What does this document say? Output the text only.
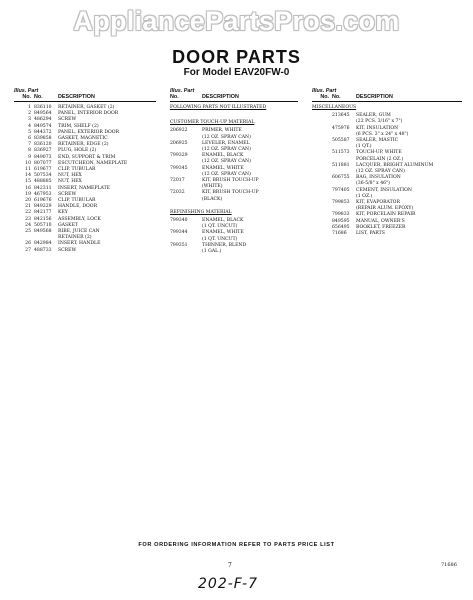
AppliancePartsPros.com
DOOR PARTS
For Model EAV20FW-0
Illus. Part
No. No.	DESCRIPTION
1 836110	RETAINER, GASKET (2)
2 849564	PANEL, INTERIOR DOOR
3 486294	SCREW
4 849574	TRIM, SHELF (2)
5 844372	PANEL, EXTERIOR DOOR
6 839858	GASKET, MAGNETIC
7 836120	RETAINER, EDGE (2)
8 836927	PLUG, HOLE (2)
9 849073	END, SUPPORT & TRIM
10 807077	ESCUTCHEON, NAMEPLATE
11 619677	CLIP, TUBULAR
14 507534	NUT, HEX
15 488885	NUT, HEX
16 842311	INSERT, NAMEPLATE
19 467953	SCREW
20 619676	CLIP, TUBULAR
21 849229	HANDLE, DOOR
22 842177	KEY
23 842156	ASSEMBLY, LOCK
24 505710	GASKET
25 849568	RIBE, JUICE CAN
RETAINER (2)
26 842984	INSERT, HANDLE
27 488733	SCREW
Illus. Part
No.	DESCRIPTION
FOLLOWING PARTS NOT ILLUSTRATED
CUSTOMER TOUCH-UP MATERIAL
206922	PRIMER, WHITE
(12 OZ. SPRAY CAN)
206925	LEVELER, ENAMEL
(12 OZ. SPRAY CAN)
799329	ENAMEL, BLACK
(12 OZ. SPRAY CAN)
799345	ENAMEL, WHITE
(12 OZ. SPRAY CAN)
72017	KIT, BRUSH TOUCH-UP
(WHITE)
72032	KIT, BRUSH TOUCH-UP
(BLACK)
REFINISHING MATERIAL
799340	ENAMEL, BLACK
(1 QT. UNCUT)
799344	ENAMEL, WHITE
(1 QT. UNCUT)
799351	THINNER, BLEND
(1 GAL.)
Illus. Part
No. No.	DESCRIPTION
MISCELLANEOUS
213645	SEALER, GUM
(22 PCS. 3/16" x 7")
475976	KIT, INSULATION
(6 PCS. 3" x 24" x 48")
505587	SEALER, MASTIC
(1 QT.)
511573	TOUCH-UP, WHITE
PORCELAIN (2 OZ.)
511881	LACQUER, BRIGHT ALUMINUM
(12 OZ. SPRAY CAN)
606755	BAG, INSULATION
(36-5/8" x 46")
797405	CEMENT, INSULATION
(1 OZ.)
799853	KIT, EVAPORATOR
(REPAIR ALUM. EPOXY)
799833	KIT, PORCELAIN REPAIR
849595	MANUAL, OWNER'S
656495	BOOKLET, FREEZER
71686	LIST, PARTS
FOR ORDERING INFORMATION REFER TO PARTS PRICE LIST
7	71686
202-F-7
